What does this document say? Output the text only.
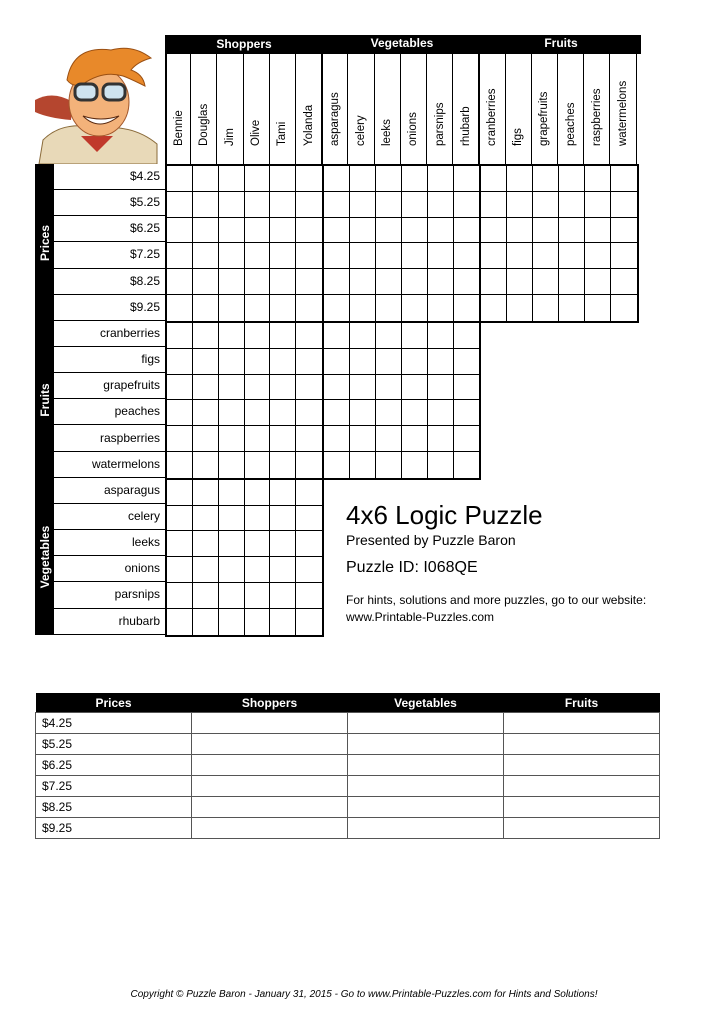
Shoppers	Vegetables	Fruits
Bennie Douglas Jim Olive Tami Yolanda asparagus celery leeks onions parsnips rhubarb cranberries figs grapefruits peaches raspberries watermelons
Prices
Fruits
Vegetables
$4.25
$5.25
$6.25
$7.25
$8.25
$9.25
cranberries
figs
grapefruits
peaches
raspberries
watermelons
asparagus
celery
leeks
onions
parsnips
rhubarb
4x6 Logic Puzzle
Presented by Puzzle Baron
Puzzle ID: I068QE
For hints, solutions and more puzzles, go to our website:
www.Printable-Puzzles.com
Prices	Shoppers	Vegetables	Fruits
$4.25			
$5.25			
$6.25			
$7.25			
$8.25			
$9.25			
Copyright © Puzzle Baron - January 31, 2015 - Go to www.Printable-Puzzles.com for Hints and Solutions!
